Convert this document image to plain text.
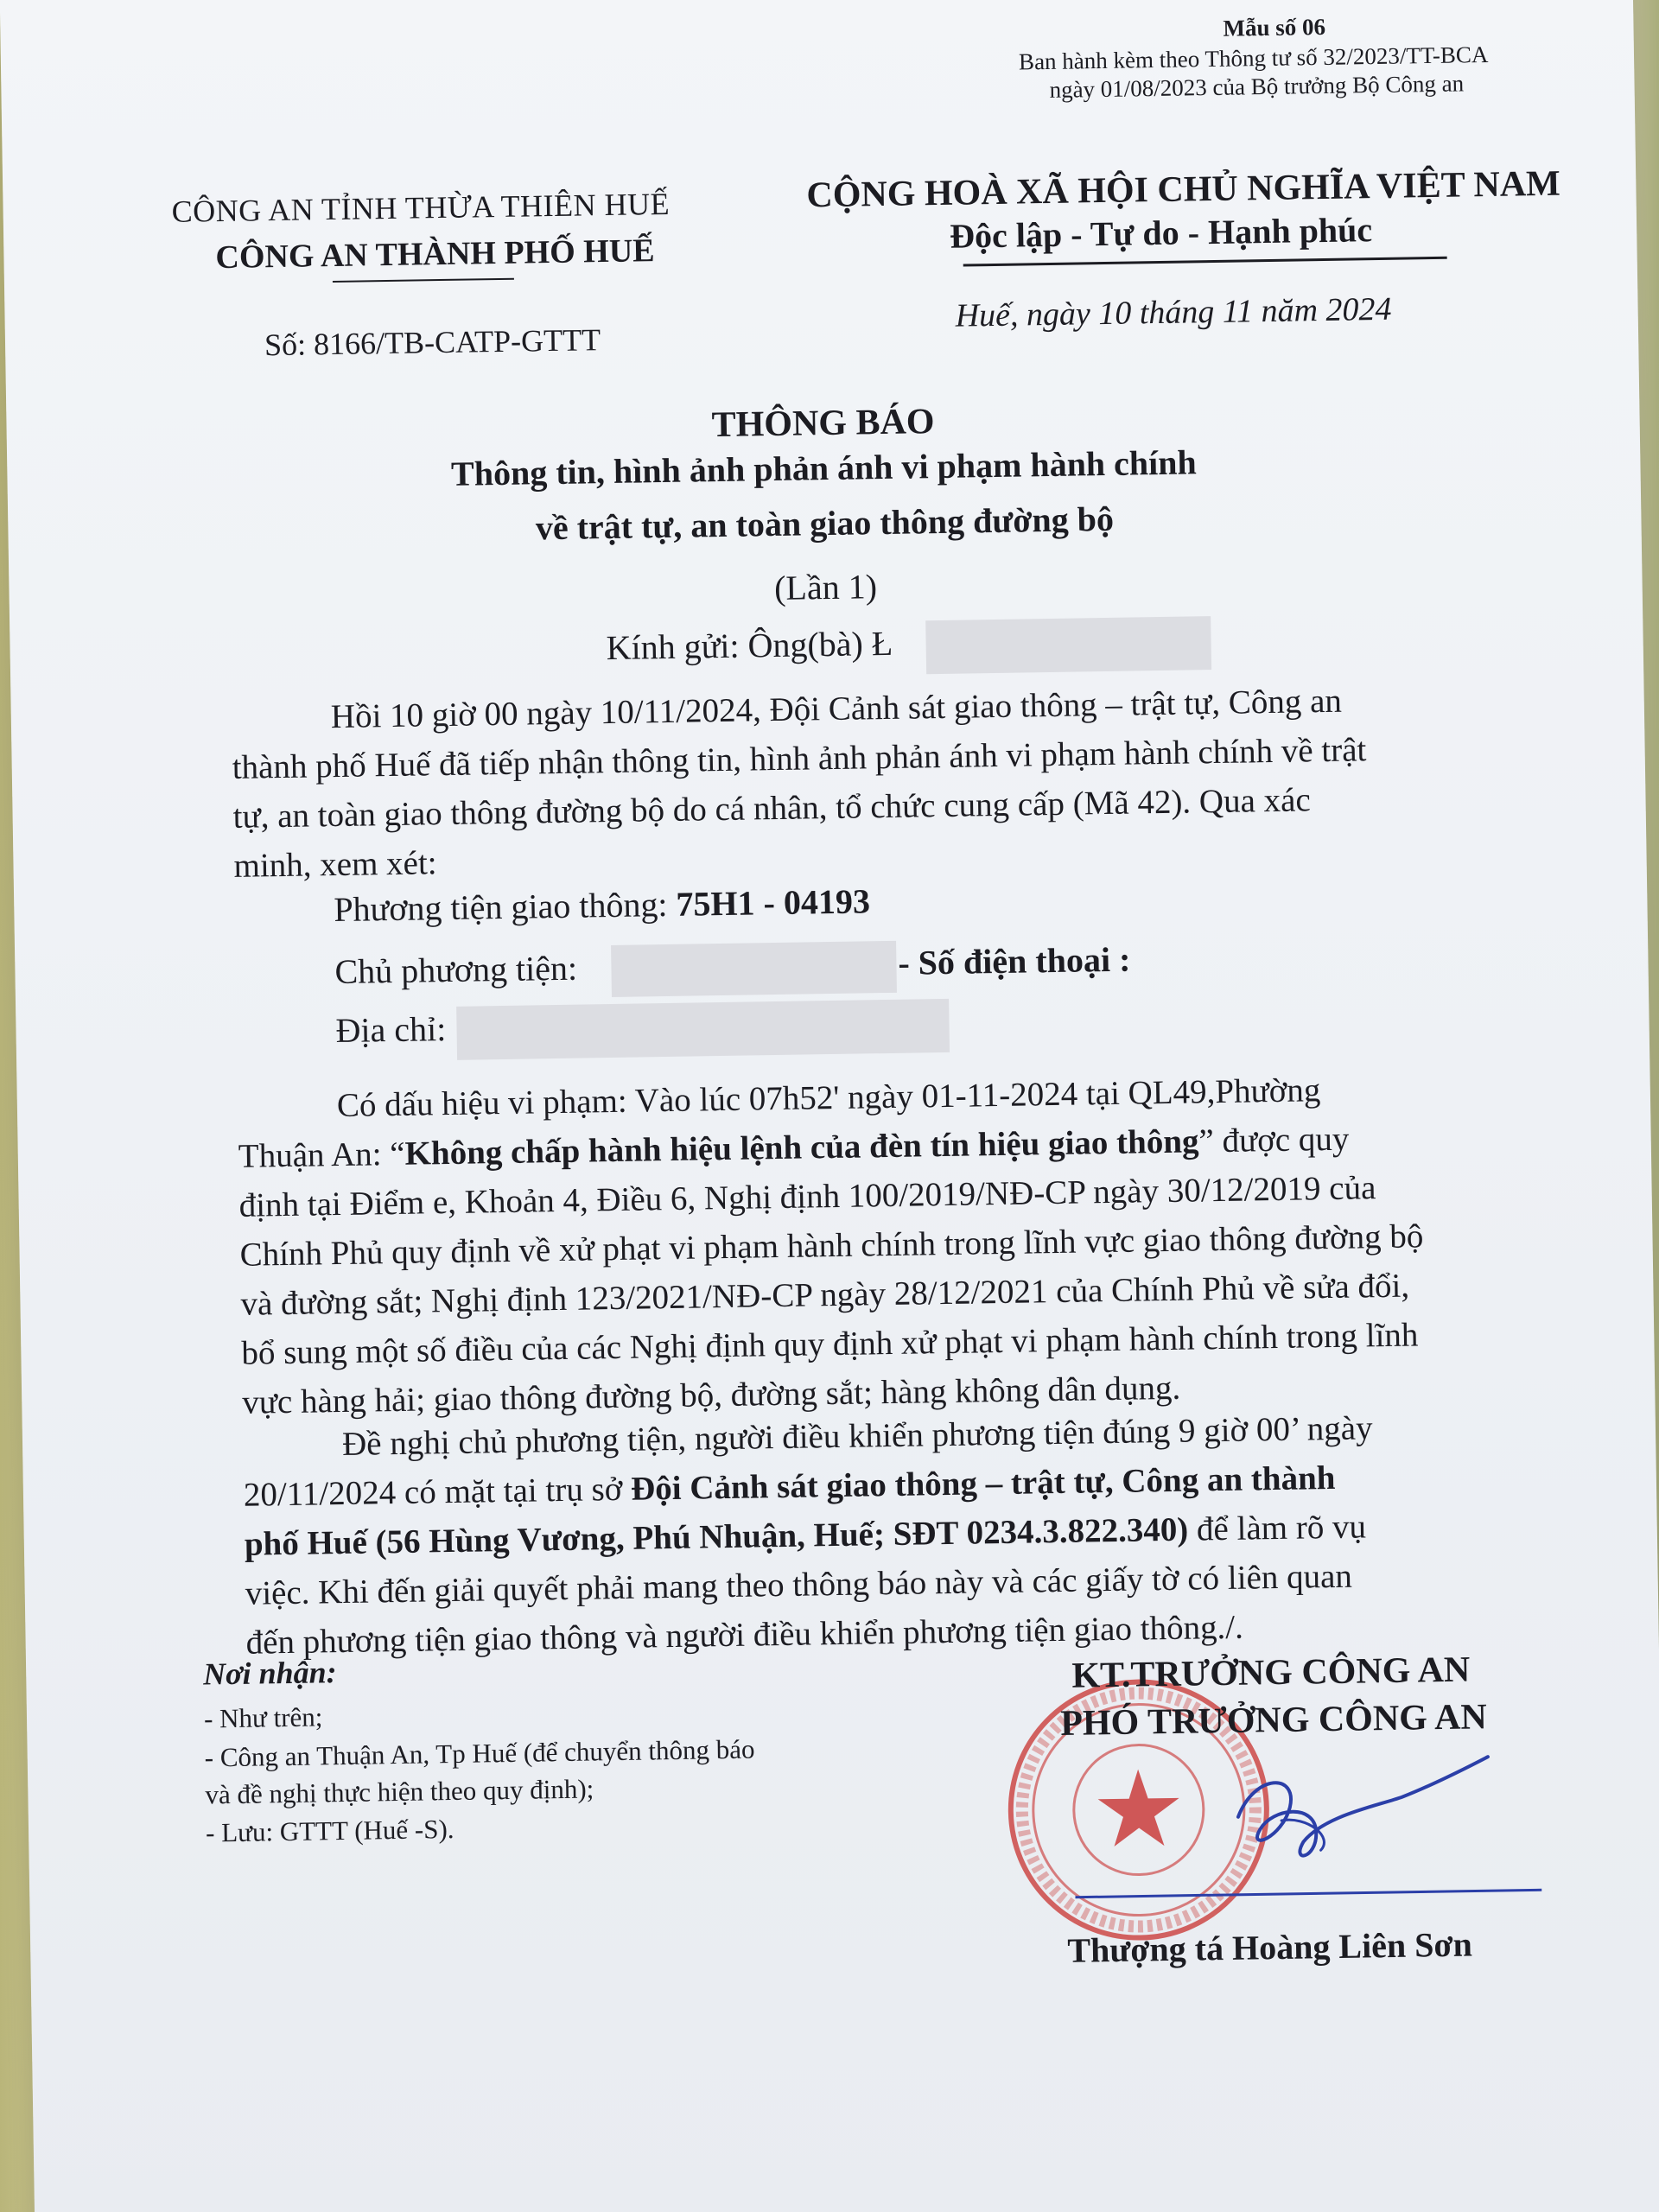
Mẫu số 06
Ban hành kèm theo Thông tư số 32/2023/TT-BCA
ngày 01/08/2023 của Bộ trưởng Bộ Công an
CÔNG AN TỈNH THỪA THIÊN HUẾ
CÔNG AN THÀNH PHỐ HUẾ
CỘNG HOÀ XÃ HỘI CHỦ NGHĨA VIỆT NAM
Độc lập - Tự do - Hạnh phúc
Số: 8166/TB-CATP-GTTT
Huế, ngày 10 tháng 11 năm 2024
THÔNG BÁO
Thông tin, hình ảnh phản ánh vi phạm hành chính
về trật tự, an toàn giao thông đường bộ
(Lần 1)
Kính gửi: Ông(bà) Ł
Hồi 10 giờ 00 ngày 10/11/2024, Đội Cảnh sát giao thông – trật tự, Công an
thành phố Huế đã tiếp nhận thông tin, hình ảnh phản ánh vi phạm hành chính về trật
tự, an toàn giao thông đường bộ do cá nhân, tổ chức cung cấp (Mã 42). Qua xác
minh, xem xét:
Phương tiện giao thông: 75H1 - 04193
Chủ phương tiện:	- Số điện thoại :
Địa chỉ:
Có dấu hiệu vi phạm: Vào lúc 07h52' ngày 01-11-2024 tại QL49,Phường
Thuận An: “Không chấp hành hiệu lệnh của đèn tín hiệu giao thông” được quy
định tại Điểm e, Khoản 4, Điều 6, Nghị định 100/2019/NĐ-CP ngày 30/12/2019 của
Chính Phủ quy định về xử phạt vi phạm hành chính trong lĩnh vực giao thông đường bộ
và đường sắt; Nghị định 123/2021/NĐ-CP ngày 28/12/2021 của Chính Phủ về sửa đổi,
bổ sung một số điều của các Nghị định quy định xử phạt vi phạm hành chính trong lĩnh
vực hàng hải; giao thông đường bộ, đường sắt; hàng không dân dụng.
Đề nghị chủ phương tiện, người điều khiển phương tiện đúng 9 giờ 00’ ngày
20/11/2024 có mặt tại trụ sở Đội Cảnh sát giao thông – trật tự, Công an thành
phố Huế (56 Hùng Vương, Phú Nhuận, Huế; SĐT 0234.3.822.340) để làm rõ vụ
việc. Khi đến giải quyết phải mang theo thông báo này và các giấy tờ có liên quan
đến phương tiện giao thông và người điều khiển phương tiện giao thông./.
Nơi nhận:
- Như trên;
- Công an Thuận An, Tp Huế (để chuyển thông báo
và đề nghị thực hiện theo quy định);
- Lưu: GTTT (Huế -S).
KT.TRƯỞNG CÔNG AN
PHÓ TRƯỞNG CÔNG AN
Thượng tá Hoàng Liên Sơn
